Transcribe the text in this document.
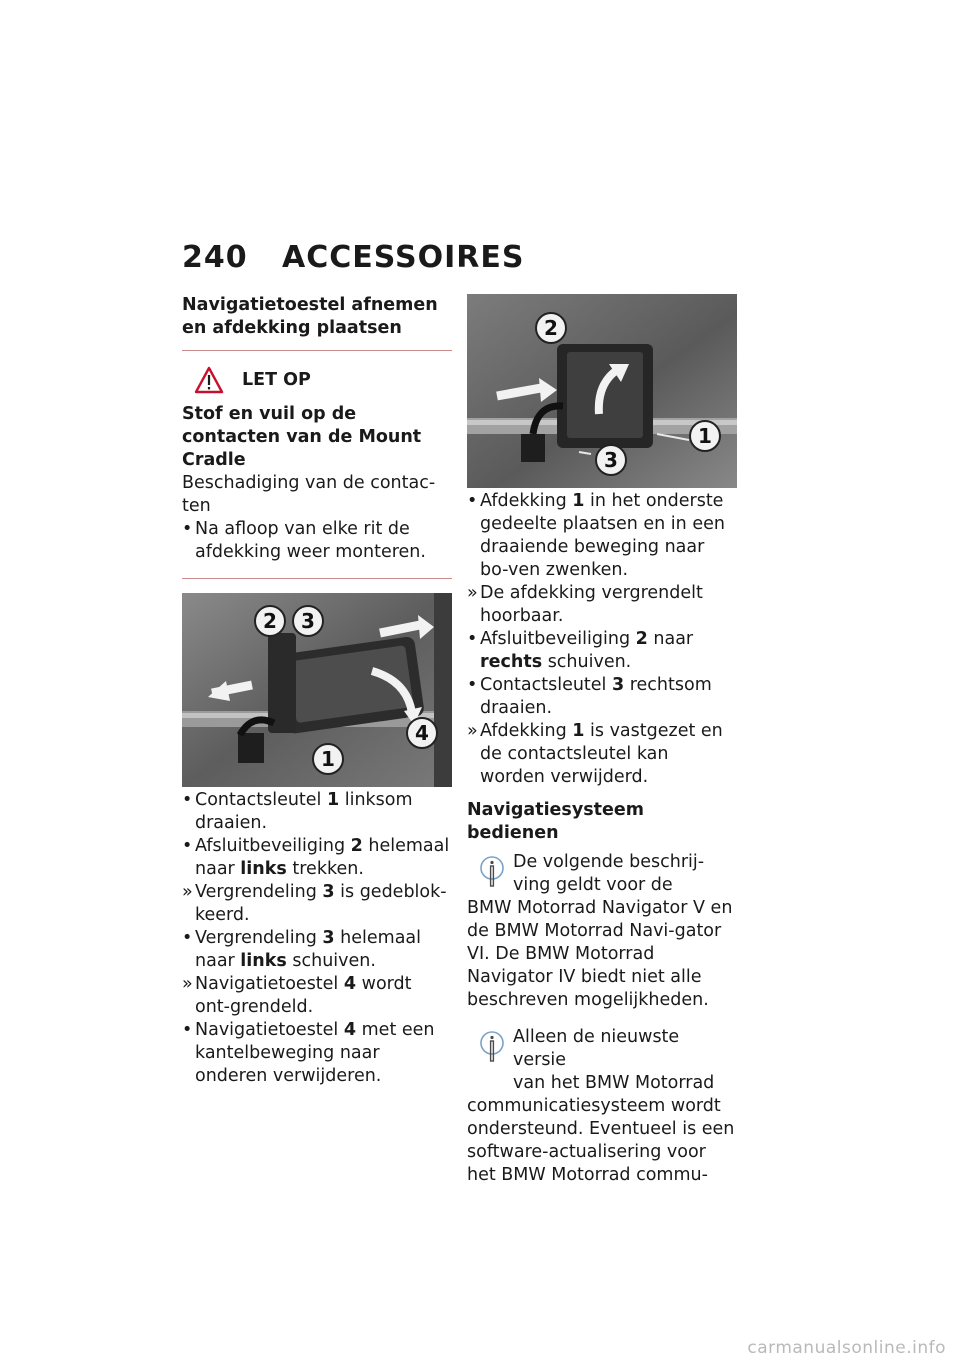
240 ACCESSOIRES

Navigatietoestel afnemen en afdekking plaatsen

LET OP
Stof en vuil op de contacten van de Mount Cradle
Beschadiging van de contac-ten
• Na afloop van elke rit de afdekking weer monteren.
2 3
4
1
• Contactsleutel 1 linksom draaien.
• Afsluitbeveiliging 2 helemaal naar links trekken.
» Vergrendeling 3 is gedeblok-keerd.
• Vergrendeling 3 helemaal naar links schuiven.
» Navigatietoestel 4 wordt ont-grendeld.
• Navigatietoestel 4 met een kantelbeweging naar onderen verwijderen.
2
1
3
• Afdekking 1 in het onderste gedeelte plaatsen en in een draaiende beweging naar bo-ven zwenken.
» De afdekking vergrendelt hoorbaar.
• Afsluitbeveiliging 2 naar rechts schuiven.
• Contactsleutel 3 rechtsom draaien.
» Afdekking 1 is vastgezet en de contactsleutel kan worden verwijderd.

Navigatiesysteem bedienen

De volgende beschrij-
ving geldt voor de
BMW Motorrad Navigator V en de BMW Motorrad Navi-gator VI. De BMW Motorrad Navigator IV biedt niet alle beschreven mogelijkheden.
Alleen de nieuwste versie
van het BMW Motorrad
communicatiesysteem wordt ondersteund. Eventueel is een software-actualisering voor het BMW Motorrad commu-
carmanualsonline.info
